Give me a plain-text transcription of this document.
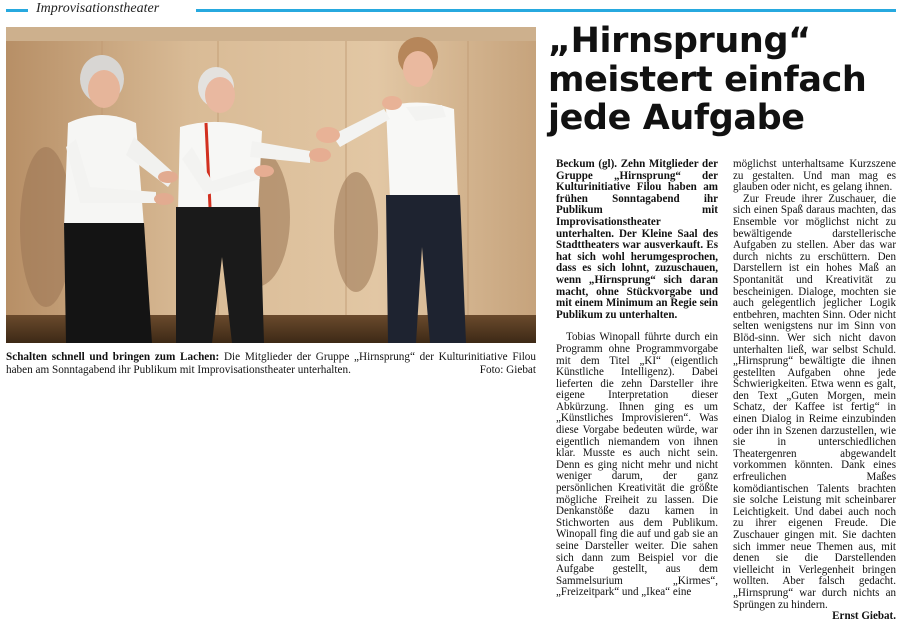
Improvisationstheater
Schalten schnell und bringen zum Lachen: Die Mitglieder der Gruppe „Hirnsprung“ der Kulturinitiative Filou haben am Sonntagabend ihr Publikum mit Improvisationstheater unterhalten.	Foto: Giebat
„Hirnsprung“
meistert einfach
jede Aufgabe

Beckum (gl). Zehn Mitglieder der Gruppe „Hirnsprung“ der Kulturinitiative Filou haben am frühen Sonntagabend ihr Publikum mit Improvisationstheater unterhalten. Der Kleine Saal des Stadttheaters war ausverkauft. Es hat sich wohl herumgesprochen, dass es sich lohnt, zuzuschauen, wenn „Hirnsprung“ sich daran macht, ohne Stückvorgabe und mit einem Minimum an Regie sein Publikum zu unterhalten.

Tobias Winopall führte durch ein Programm ohne Programmvorgabe mit dem Titel „KI“ (eigentlich Künstliche Intelligenz). Dabei lieferten die zehn Darsteller ihre eigene Interpretation dieser Abkürzung. Ihnen ging es um „Künstliches Improvisieren“. Was diese Vorgabe bedeuten würde, war eigentlich niemandem von ihnen klar. Musste es auch nicht sein. Denn es ging nicht mehr und nicht weniger darum, der ganz persönlichen Kreativität die größte mögliche Freiheit zu lassen. Die Denkanstöße dazu kamen in Stichworten aus dem Publikum. Winopall fing die auf und gab sie an seine Darsteller weiter. Die sahen sich dann zum Beispiel vor die Aufgabe gestellt, aus dem Sammelsurium „Kirmes“, „Freizeitpark“ und „Ikea“ eine

möglichst unterhaltsame Kurzszene zu gestalten. Und man mag es glauben oder nicht, es gelang ihnen.

Zur Freude ihrer Zuschauer, die sich einen Spaß daraus machten, das Ensemble vor möglichst nicht zu bewältigende darstellerische Aufgaben zu stellen. Aber das war durch nichts zu erschüttern. Den Darstellern ist ein hohes Maß an Spontanität und Kreativität zu bescheinigen. Dialoge, mochten sie auch gelegentlich jeglicher Logik entbehren, machten Sinn. Oder nicht selten wenigstens nur im Sinn von Blöd-sinn. Wer sich nicht davon unterhalten ließ, war selbst Schuld. „Hirnsprung“ bewältigte die ihnen gestellten Aufgaben ohne jede Schwierigkeiten. Etwa wenn es galt, den Text „Guten Morgen, mein Schatz, der Kaffee ist fertig“ in einen Dialog in Reime einzubinden oder ihn in Szenen darzustellen, wie sie in unterschiedlichen Theatergenren abgewandelt vorkommen könnten. Dank eines erfreulichen Maßes komödiantischen Talents brachten sie solche Leistung mit scheinbarer Leichtigkeit. Und dabei auch noch zu ihrer eigenen Freude. Die Zuschauer gingen mit. Sie dachten sich immer neue Themen aus, mit denen sie die Darstellenden vielleicht in Verlegenheit bringen wollten. Aber falsch gedacht. „Hirnsprung“ war durch nichts an Sprüngen zu hindern.
Ernst Giebat.
